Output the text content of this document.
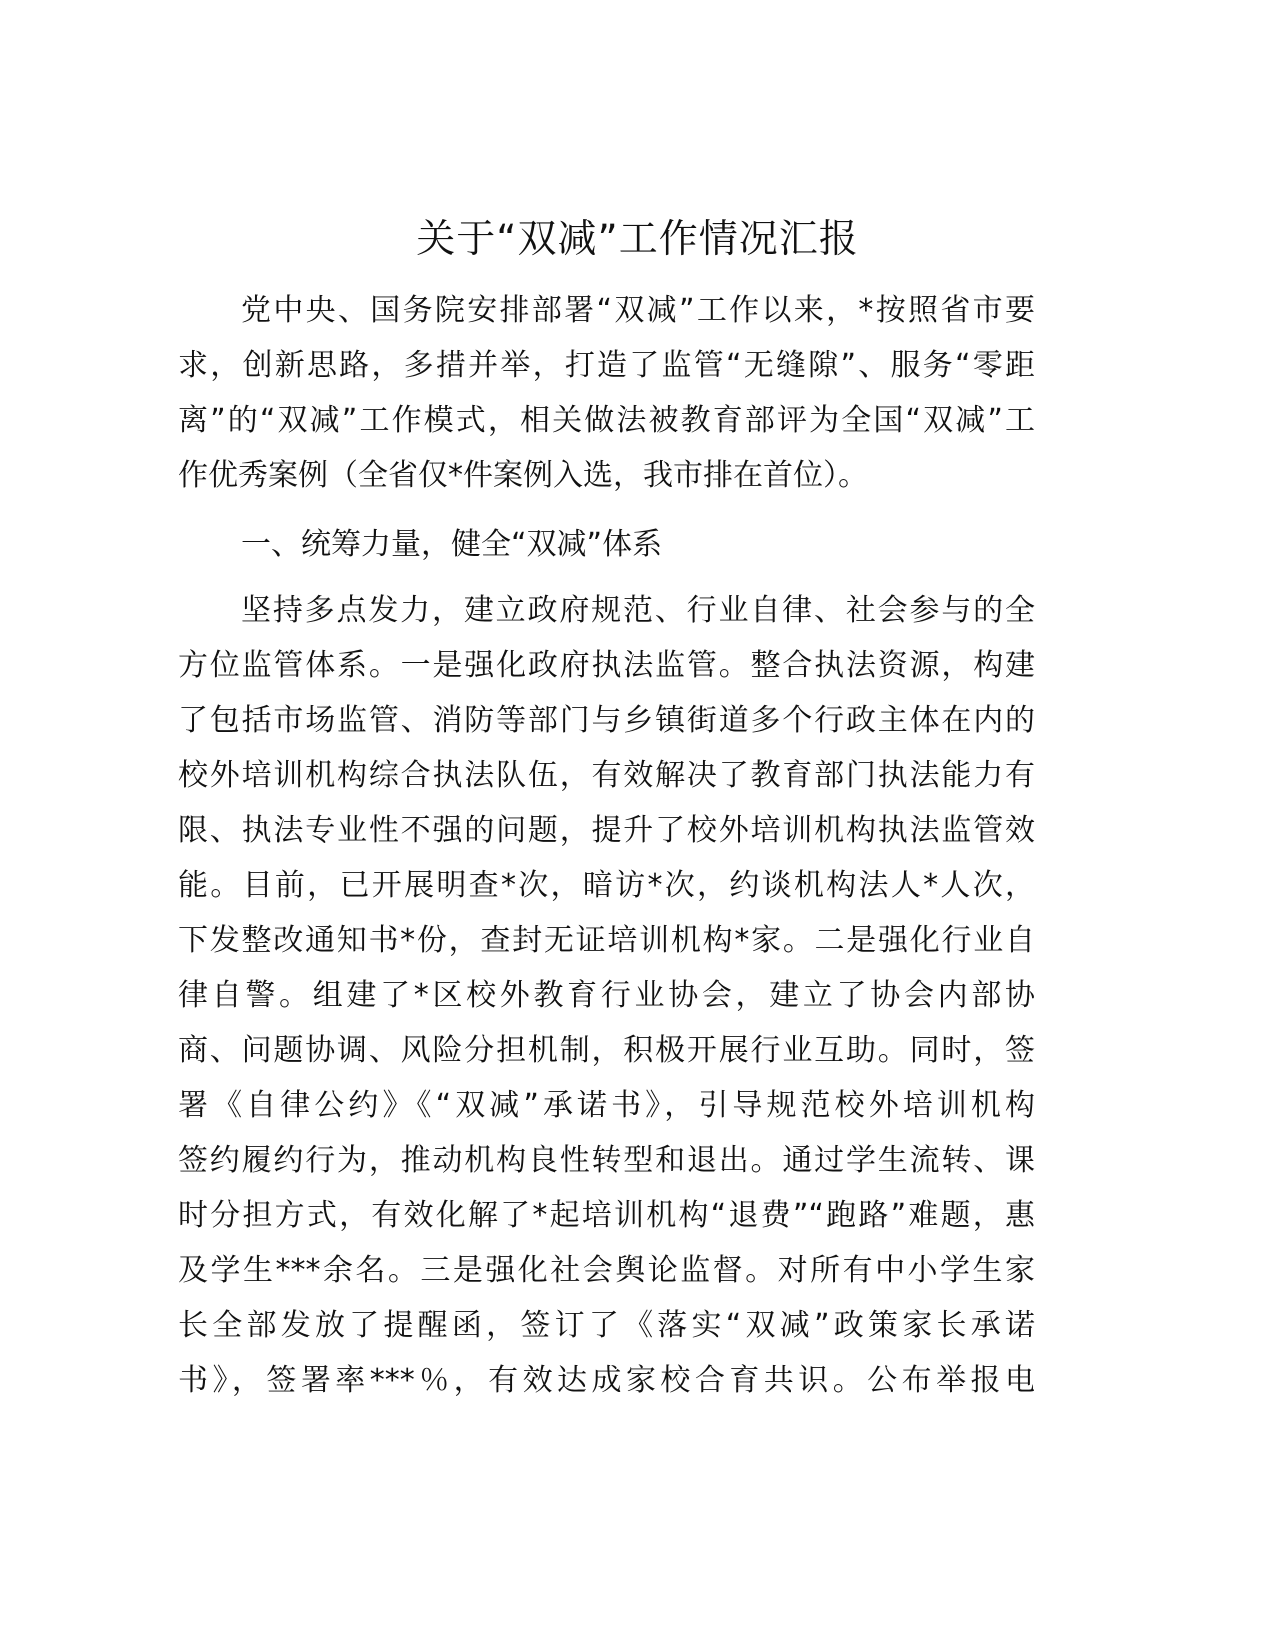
关于“双减”工作情况汇报
党中央、国务院安排部署“双减”工作以来，*按照省市要
求，创新思路，多措并举，打造了监管“无缝隙”、服务“零距
离”的“双减”工作模式，相关做法被教育部评为全国“双减”工
作优秀案例（全省仅*件案例入选，我市排在首位）。
一、统筹力量，健全“双减”体系
坚持多点发力，建立政府规范、行业自律、社会参与的全
方位监管体系。一是强化政府执法监管。整合执法资源，构建
了包括市场监管、消防等部门与乡镇街道多个行政主体在内的
校外培训机构综合执法队伍，有效解决了教育部门执法能力有
限、执法专业性不强的问题，提升了校外培训机构执法监管效
能。目前，已开展明查*次，暗访*次，约谈机构法人*人次，
下发整改通知书*份，查封无证培训机构*家。二是强化行业自
律自警。组建了*区校外教育行业协会，建立了协会内部协
商、问题协调、风险分担机制，积极开展行业互助。同时，签
署《自律公约》《“双减”承诺书》，引导规范校外培训机构
签约履约行为，推动机构良性转型和退出。通过学生流转、课
时分担方式，有效化解了*起培训机构“退费”“跑路”难题，惠
及学生***余名。三是强化社会舆论监督。对所有中小学生家
长全部发放了提醒函，签订了《落实“双减”政策家长承诺
书》，签署率***％，有效达成家校合育共识。公布举报电
